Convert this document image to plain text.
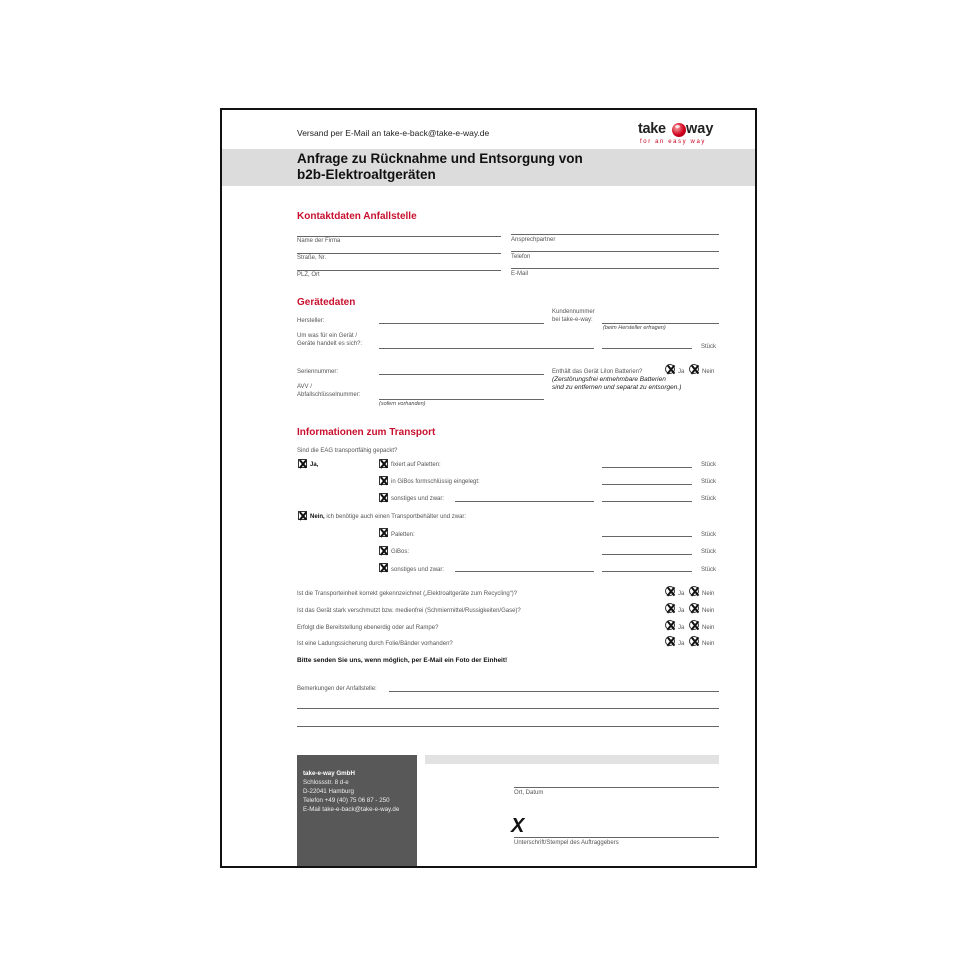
Versand per E-Mail an take-e-back@take-e-way.de	take way
for an easy way
Anfrage zu Rücknahme und Entsorgung von
b2b-Elektroaltgeräten
Kontaktdaten Anfallstelle
Name der Firma	Ansprechpartner
Straße, Nr.	Telefon
PLZ, Ort	E-Mail
Gerätedaten
Hersteller:
Kundennummer
bei take-e-way:
(beim Hersteller erfragen)
Um was für ein Gerät /
Geräte handelt es sich?:	Stück
Seriennummer:	Enthält das Gerät LiIon Batterien?	Ja	Nein
(Zerstörungsfrei entnehmbare Batterien
sind zu entfernen und separat zu entsorgen.)
AVV /
Abfallschlüsselnummer:
(sofern vorhanden)
Informationen zum Transport
Sind die EAG transportfähig gepackt?
Ja,	fixiert auf Paletten:	Stück
in GiBos formschlüssig eingelegt:	Stück
sonstiges und zwar:	Stück
Nein, ich benötige auch einen Transportbehälter und zwar:
Paletten:	Stück
GiBos:	Stück
sonstiges und zwar:	Stück
Ist die Transporteinheit korrekt gekennzeichnet („Elektroaltgeräte zum Recycling“)?	Ja	Nein
Ist das Gerät stark verschmutzt bzw. medienfrei (Schmiermittel/Russigkeiten/Gase)?	Ja	Nein
Erfolgt die Bereitstellung ebenerdig oder auf Rampe?	Ja	Nein
Ist eine Ladungssicherung durch Folie/Bänder vorhanden?	Ja	Nein
Bitte senden Sie uns, wenn möglich, per E-Mail ein Foto der Einheit!
Bemerkungen der Anfallstelle:
take-e-way GmbH
Schlossstr. 8 d-e
D-22041 Hamburg
Telefon +49 (40) 75 06 87 - 250
E-Mail take-e-back@take-e-way.de
Ort, Datum
X
Unterschrift/Stempel des Auftraggebers
